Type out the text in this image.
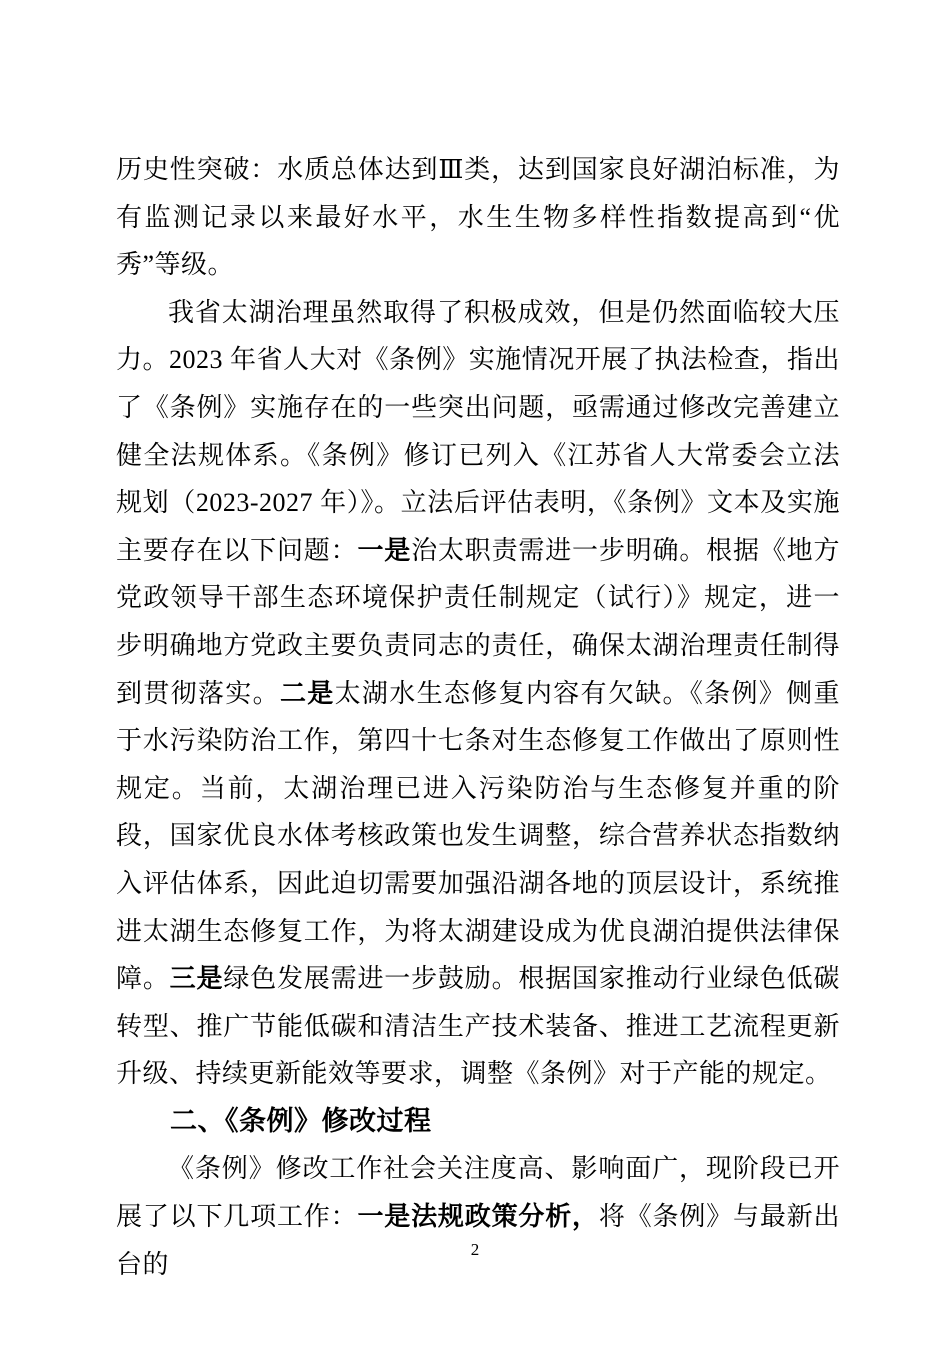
历史性突破：水质总体达到Ⅲ类，达到国家良好湖泊标准，为有监测记录以来最好水平，水生生物多样性指数提高到“优秀”等级。

我省太湖治理虽然取得了积极成效，但是仍然面临较大压力。2023 年省人大对《条例》实施情况开展了执法检查，指出了《条例》实施存在的一些突出问题，亟需通过修改完善建立健全法规体系。《条例》修订已列入《江苏省人大常委会立法规划（2023-2027 年）》。立法后评估表明，《条例》文本及实施主要存在以下问题：一是治太职责需进一步明确。根据《地方党政领导干部生态环境保护责任制规定（试行）》规定，进一步明确地方党政主要负责同志的责任，确保太湖治理责任制得到贯彻落实。二是太湖水生态修复内容有欠缺。《条例》侧重于水污染防治工作，第四十七条对生态修复工作做出了原则性规定。当前，太湖治理已进入污染防治与生态修复并重的阶段，国家优良水体考核政策也发生调整，综合营养状态指数纳入评估体系，因此迫切需要加强沿湖各地的顶层设计，系统推进太湖生态修复工作，为将太湖建设成为优良湖泊提供法律保障。三是绿色发展需进一步鼓励。根据国家推动行业绿色低碳转型、推广节能低碳和清洁生产技术装备、推进工艺流程更新升级、持续更新能效等要求，调整《条例》对于产能的规定。

二、《条例》修改过程

《条例》修改工作社会关注度高、影响面广，现阶段已开展了以下几项工作：一是法规政策分析，将《条例》与最新出台的

2
